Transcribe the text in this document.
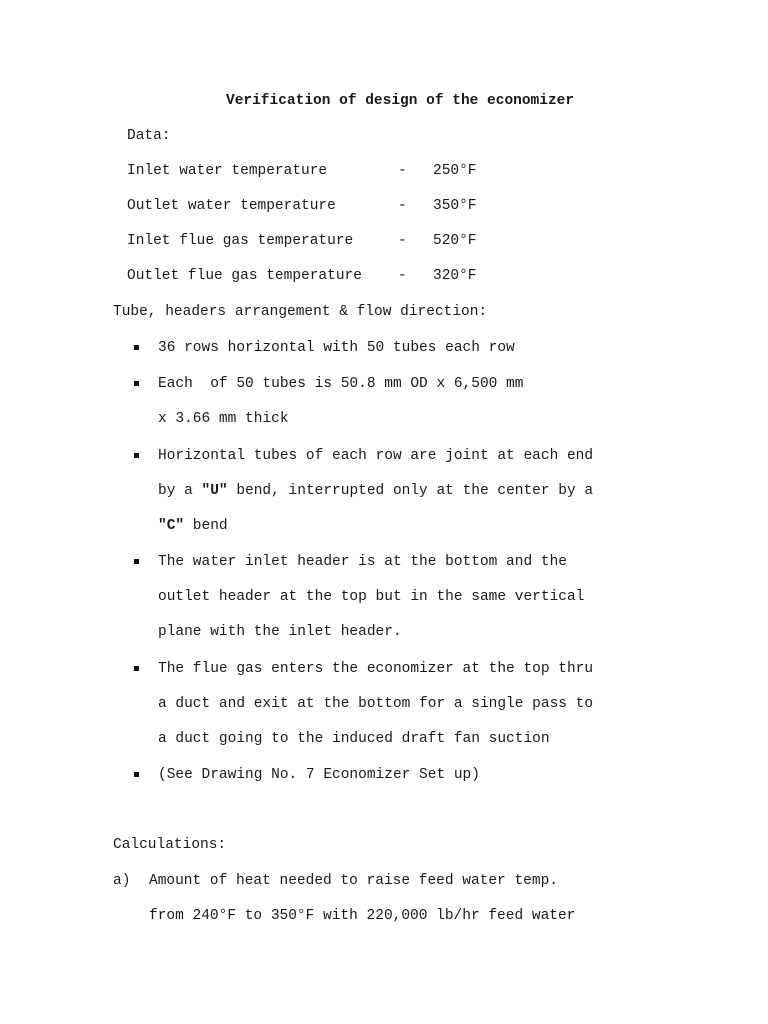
Verification of design of the economizer
Data:
Inlet water temperature	- 250°F
Outlet water temperature	- 350°F
Inlet flue gas temperature	- 520°F
Outlet flue gas temperature - 320°F
Tube, headers arrangement & flow direction:
36 rows horizontal with 50 tubes each row
Each  of 50 tubes is 50.8 mm OD x 6,500 mm
x 3.66 mm thick
Horizontal tubes of each row are joint at each end
by a "U" bend, interrupted only at the center by a
"C" bend
The water inlet header is at the bottom and the
outlet header at the top but in the same vertical
plane with the inlet header.
The flue gas enters the economizer at the top thru
a duct and exit at the bottom for a single pass to
a duct going to the induced draft fan suction
(See Drawing No. 7 Economizer Set up)
Calculations:
a) Amount of heat needed to raise feed water temp.
from 240°F to 350°F with 220,000 lb/hr feed water
